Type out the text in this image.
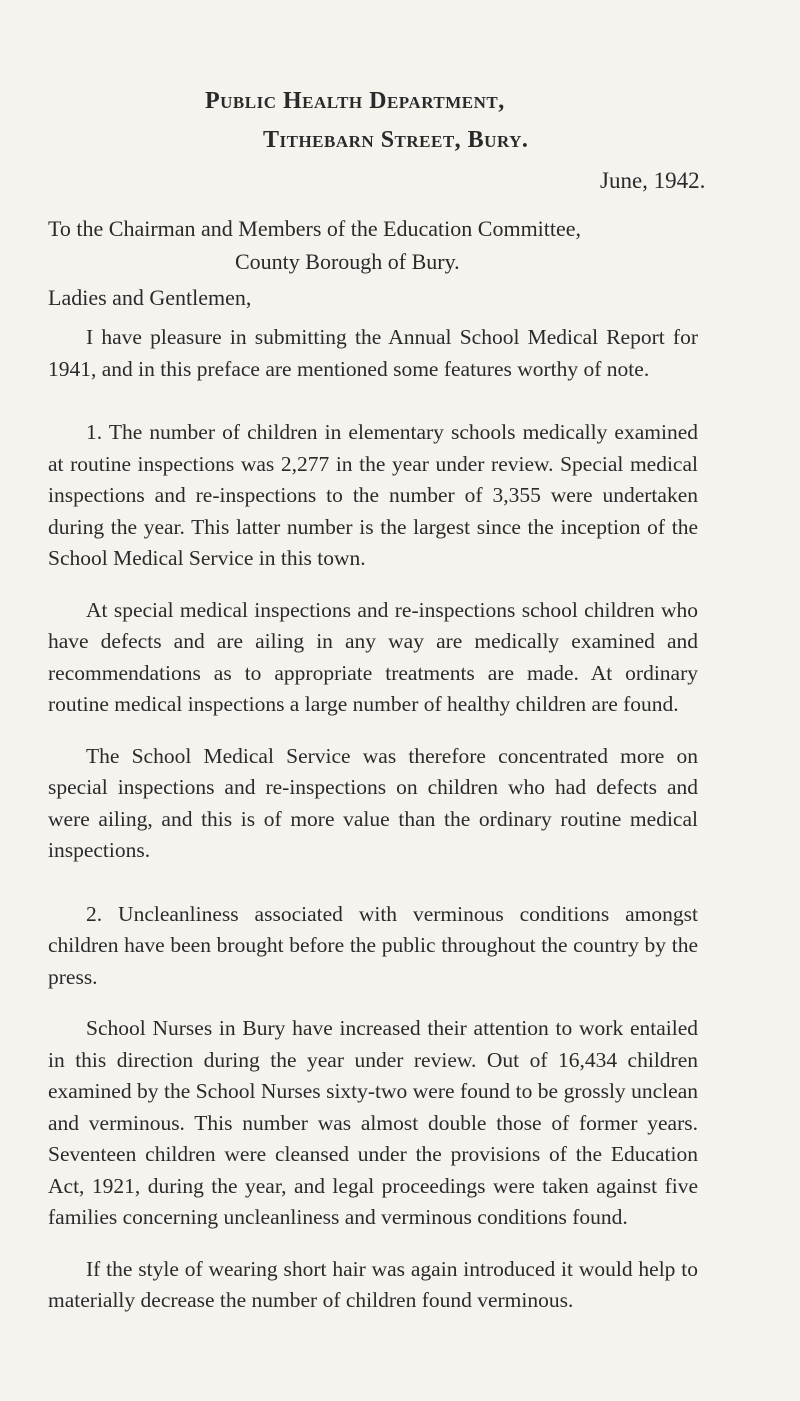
Public Health Department,
Tithebarn Street, Bury.
June, 1942.
To the Chairman and Members of the Education Committee,
County Borough of Bury.
Ladies and Gentlemen,

I have pleasure in submitting the Annual School Medical Report for 1941, and in this preface are mentioned some features worthy of note.

1. The number of children in elementary schools medically examined at routine inspections was 2,277 in the year under review. Special medical inspections and re-inspections to the number of 3,355 were undertaken during the year. This latter number is the largest since the inception of the School Medical Service in this town.

At special medical inspections and re-inspections school children who have defects and are ailing in any way are medically examined and recommendations as to appropriate treatments are made. At ordinary routine medical inspections a large number of healthy children are found.

The School Medical Service was therefore concentrated more on special inspections and re-inspections on children who had defects and were ailing, and this is of more value than the ordinary routine medical inspections.

2. Uncleanliness associated with verminous conditions amongst children have been brought before the public throughout the country by the press.

School Nurses in Bury have increased their attention to work entailed in this direction during the year under review. Out of 16,434 children examined by the School Nurses sixty-two were found to be grossly unclean and verminous. This number was almost double those of former years. Seventeen children were cleansed under the provisions of the Education Act, 1921, during the year, and legal proceedings were taken against five families concerning uncleanliness and verminous conditions found.

If the style of wearing short hair was again introduced it would help to materially decrease the number of children found verminous.
